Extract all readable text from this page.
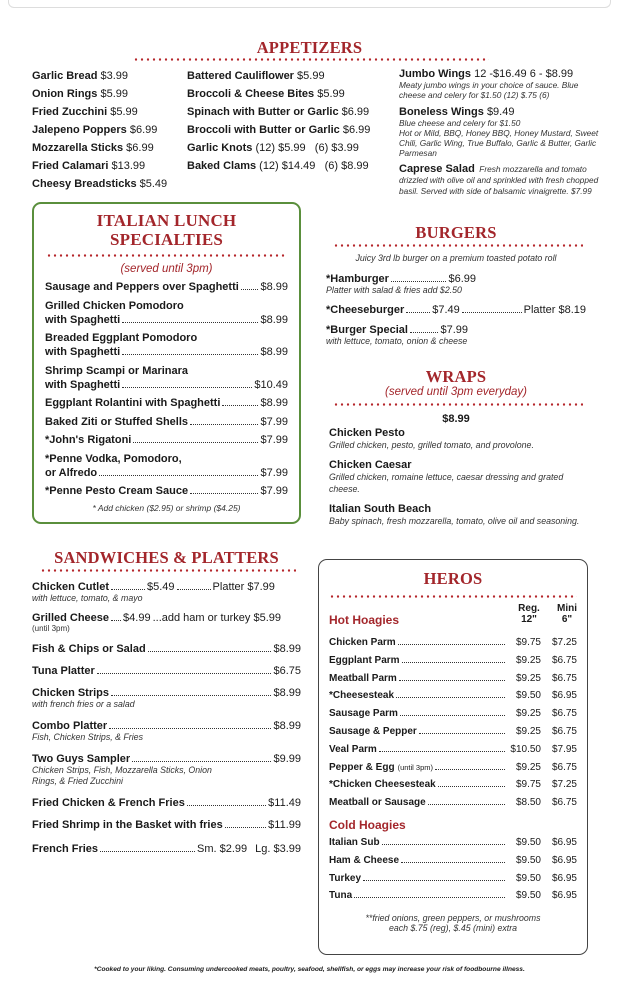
APPETIZERS
Garlic Bread $3.99
Onion Rings $5.99
Fried Zucchini $5.99
Jalepeno Poppers $6.99
Mozzarella Sticks $6.99
Fried Calamari $13.99
Cheesy Breadsticks $5.49
Battered Cauliflower $5.99
Broccoli & Cheese Bites $5.99
Spinach with Butter or Garlic $6.99
Broccoli with Butter or Garlic $6.99
Garlic Knots (12) $5.99   (6) $3.99
Baked Clams (12) $14.49   (6) $8.99
Jumbo Wings 12 -$16.49 6 - $8.99
Meaty jumbo wings in your choice of sauce. Blue cheese and celery for $1.50 (12) $.75 (6)
Boneless Wings $9.49
Blue cheese and celery for $1.50
Hot or Mild, BBQ, Honey BBQ, Honey Mustard, Sweet Chili, Garlic Wing, True Buffalo, Garlic & Butter, Garlic Parmesan
Caprese Salad Fresh mozzarella and tomato drizzled with olive oil and sprinkled with fresh chopped basil. Served with side of balsamic vinaigrette. $7.99
ITALIAN LUNCH
SPECIALTIES
(served until 3pm)
Sausage and Peppers over Spaghetti $8.99
Grilled Chicken Pomodoro
with Spaghetti	$8.99
Breaded Eggplant Pomodoro
with Spaghetti	$8.99
Shrimp Scampi or Marinara
with Spaghetti	$10.49
Eggplant Rolantini with Spaghetti	$8.99
Baked Ziti or Stuffed Shells	$7.99
*John's Rigatoni	$7.99
*Penne Vodka, Pomodoro,
or Alfredo	$7.99
*Penne Pesto Cream Sauce	$7.99
* Add chicken ($2.95) or shrimp ($4.25)
BURGERS
Juicy 3rd lb burger on a premium toasted potato roll
*Hamburger	$6.99
Platter with salad & fries add $2.50
*Cheeseburger	$7.49	Platter $8.19
*Burger Special	$7.99
with lettuce, tomato, onion & cheese
WRAPS
(served until 3pm everyday)
$8.99
Chicken Pesto
Grilled chicken, pesto, grilled tomato, and provolone.
Chicken Caesar
Grilled chicken, romaine lettuce, caesar dressing and grated cheese.
Italian South Beach
Baby spinach, fresh mozzarella, tomato, olive oil and seasoning.
SANDWICHES & PLATTERS
Chicken Cutlet	$5.49	Platter $7.99
with lettuce, tomato, & mayo
Grilled Cheese $4.99 ...add ham or turkey $5.99
(until 3pm)
Fish & Chips or Salad	$8.99
Tuna Platter	$6.75
Chicken Strips	$8.99
with french fries or a salad
Combo Platter	$8.99
Fish, Chicken Strips, & Fries
Two Guys Sampler	$9.99
Chicken Strips, Fish, Mozzarella Sticks, Onion Rings, & Fried Zucchini
Fried Chicken & French Fries	$11.49
Fried Shrimp in the Basket with fries	$11.99
French Fries	Sm. $2.99 Lg. $3.99
HEROS
Reg.
12"
Mini
6"
Hot Hoagies
Chicken Parm	$9.75	$7.25
Eggplant Parm	$9.25	$6.75
Meatball Parm	$9.25	$6.75
*Cheesesteak	$9.50	$6.95
Sausage Parm	$9.25	$6.75
Sausage & Pepper	$9.25	$6.75
Veal Parm	$10.50	$7.95
Pepper & Egg (until 3pm)	$9.25	$6.75
*Chicken Cheesesteak	$9.75	$7.25
Meatball or Sausage	$8.50	$6.75
Cold Hoagies
Italian Sub	$9.50	$6.95
Ham & Cheese	$9.50	$6.95
Turkey	$9.50	$6.95
Tuna	$9.50	$6.95
**fried onions, green peppers, or mushrooms
each $.75 (reg), $.45 (mini) extra
*Cooked to your liking. Consuming undercooked meats, poultry, seafood, shellfish, or eggs may increase your risk of foodbourne illness.
